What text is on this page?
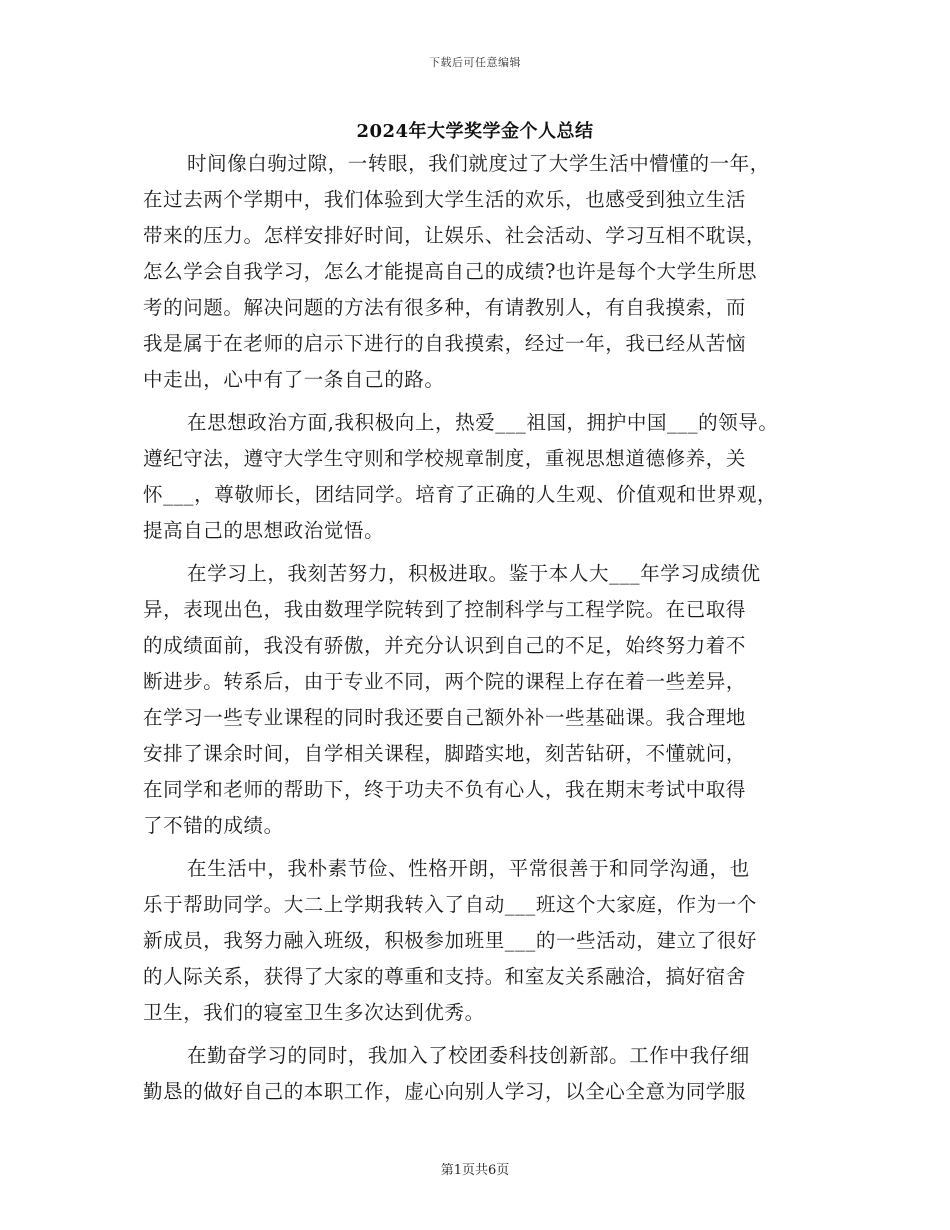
下载后可任意编辑
2024年大学奖学金个人总结
时间像白驹过隙，一转眼，我们就度过了大学生活中懵懂的一年，
在过去两个学期中，我们体验到大学生活的欢乐，也感受到独立生活
带来的压力。怎样安排好时间，让娱乐、社会活动、学习互相不耽误，
怎么学会自我学习，怎么才能提高自己的成绩?也许是每个大学生所思
考的问题。解决问题的方法有很多种，有请教别人，有自我摸索，而
我是属于在老师的启示下进行的自我摸索，经过一年，我已经从苦恼
中走出，心中有了一条自己的路。
在思想政治方面,我积极向上，热爱___祖国，拥护中国___的领导。
遵纪守法，遵守大学生守则和学校规章制度，重视思想道德修养，关
怀___，尊敬师长，团结同学。培育了正确的人生观、价值观和世界观，
提高自己的思想政治觉悟。
在学习上，我刻苦努力，积极进取。鉴于本人大___年学习成绩优
异，表现出色，我由数理学院转到了控制科学与工程学院。在已取得
的成绩面前，我没有骄傲，并充分认识到自己的不足，始终努力着不
断进步。转系后，由于专业不同，两个院的课程上存在着一些差异，
在学习一些专业课程的同时我还要自己额外补一些基础课。我合理地
安排了课余时间，自学相关课程，脚踏实地，刻苦钻研，不懂就问，
在同学和老师的帮助下，终于功夫不负有心人，我在期末考试中取得
了不错的成绩。
在生活中，我朴素节俭、性格开朗，平常很善于和同学沟通，也
乐于帮助同学。大二上学期我转入了自动___班这个大家庭，作为一个
新成员，我努力融入班级，积极参加班里___的一些活动，建立了很好
的人际关系，获得了大家的尊重和支持。和室友关系融洽，搞好宿舍
卫生，我们的寝室卫生多次达到优秀。
在勤奋学习的同时，我加入了校团委科技创新部。工作中我仔细
勤恳的做好自己的本职工作，虚心向别人学习，以全心全意为同学服
第1页共6页
